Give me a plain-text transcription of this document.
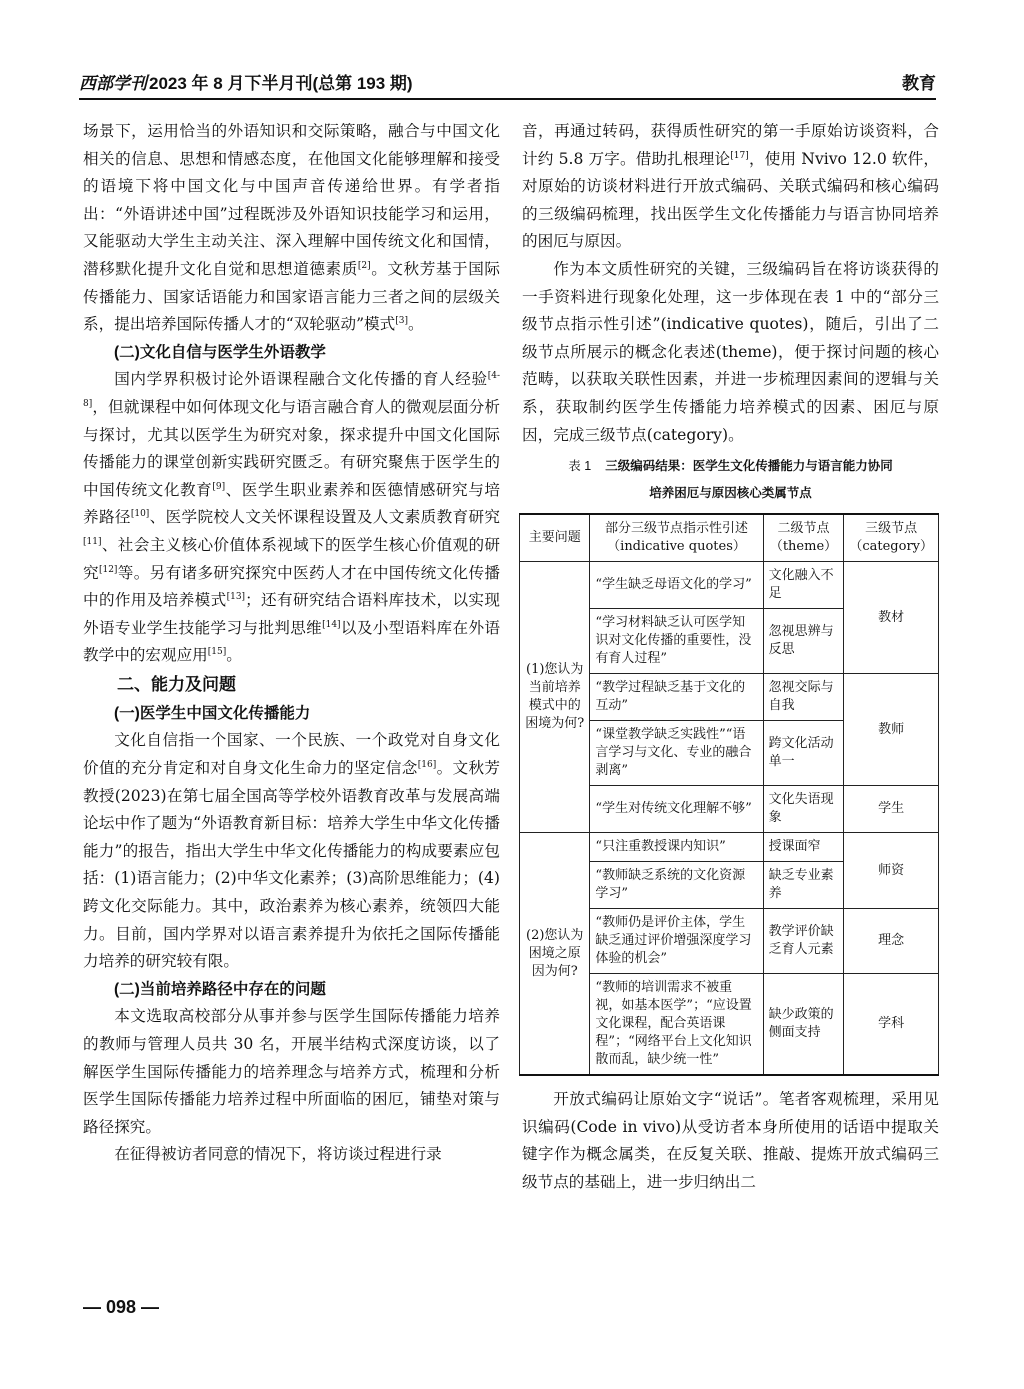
西部学刊 2023 年 8 月下半月刊(总第 193 期)	教育

场景下，运用恰当的外语知识和交际策略，融合与中国文化相关的信息、思想和情感态度，在他国文化能够理解和接受的语境下将中国文化与中国声音传递给世界。有学者指出：“外语讲述中国”过程既涉及外语知识技能学习和运用，又能驱动大学生主动关注、深入理解中国传统文化和国情，潜移默化提升文化自觉和思想道德素质[2]。文秋芳基于国际传播能力、国家话语能力和国家语言能力三者之间的层级关系，提出培养国际传播人才的“双轮驱动”模式[3]。

(二)文化自信与医学生外语教学

国内学界积极讨论外语课程融合文化传播的育人经验[4-8]，但就课程中如何体现文化与语言融合育人的微观层面分析与探讨，尤其以医学生为研究对象，探求提升中国文化国际传播能力的课堂创新实践研究匮乏。有研究聚焦于医学生的中国传统文化教育[9]、医学生职业素养和医德情感研究与培养路径[10]、医学院校人文关怀课程设置及人文素质教育研究[11]、社会主义核心价值体系视域下的医学生核心价值观的研究[12]等。另有诸多研究探究中医药人才在中国传统文化传播中的作用及培养模式[13]；还有研究结合语料库技术，以实现外语专业学生技能学习与批判思维[14]以及小型语料库在外语教学中的宏观应用[15]。

二、能力及问题

(一)医学生中国文化传播能力

文化自信指一个国家、一个民族、一个政党对自身文化价值的充分肯定和对自身文化生命力的坚定信念[16]。文秋芳教授(2023)在第七届全国高等学校外语教育改革与发展高端论坛中作了题为“外语教育新目标：培养大学生中华文化传播能力”的报告，指出大学生中华文化传播能力的构成要素应包括：(1)语言能力；(2)中华文化素养；(3)高阶思维能力；(4)跨文化交际能力。其中，政治素养为核心素养，统领四大能力。目前，国内学界对以语言素养提升为依托之国际传播能力培养的研究较有限。

(二)当前培养路径中存在的问题

本文选取高校部分从事并参与医学生国际传播能力培养的教师与管理人员共 30 名，开展半结构式深度访谈，以了解医学生国际传播能力的培养理念与培养方式，梳理和分析医学生国际传播能力培养过程中所面临的困厄，铺垫对策与路径探究。

在征得被访者同意的情况下，将访谈过程进行录

音，再通过转码，获得质性研究的第一手原始访谈资料，合计约 5.8 万字。借助扎根理论[17]，使用 Nvivo 12.0 软件，对原始的访谈材料进行开放式编码、关联式编码和核心编码的三级编码梳理，找出医学生文化传播能力与语言协同培养的困厄与原因。

作为本文质性研究的关键，三级编码旨在将访谈获得的一手资料进行现象化处理，这一步体现在表 1 中的“部分三级节点指示性引述”(indicative quotes)，随后，引出了二级节点所展示的概念化表述(theme)，便于探讨问题的核心范畴，以获取关联性因素，并进一步梳理因素间的逻辑与关系，获取制约医学生传播能力培养模式的因素、困厄与原因，完成三级节点(category)。

表 1 三级编码结果：医学生文化传播能力与语言能力协同
培养困厄与原因核心类属节点
主要问题	部分三级节点指示性引述（indicative quotes）	二级节点（theme）	三级节点（category）
(1)您认为当前培养模式中的困境为何?	“学生缺乏母语文化的学习”	文化融入不足	教材
	“学习材料缺乏认可医学知识对文化传播的重要性，没有育人过程”	忽视思辨与反思	
	“教学过程缺乏基于文化的互动”	忽视交际与自我	教师
	“课堂教学缺乏实践性”“语言学习与文化、专业的融合剥离”	跨文化活动单一	
	“学生对传统文化理解不够”	文化失语现象	学生
(2)您认为困境之原因为何?	“只注重教授课内知识”	授课面窄	师资
	“教师缺乏系统的文化资源学习”	缺乏专业素养	
	“教师仍是评价主体，学生缺乏通过评价增强深度学习体验的机会”	教学评价缺乏育人元素	理念
	“教师的培训需求不被重视，如基本医学”；“应设置文化课程，配合英语课程”；“网络平台上文化知识散而乱，缺少统一性”	缺少政策的侧面支持	学科

开放式编码让原始文字“说话”。笔者客观梳理，采用见识编码(Code in vivo)从受访者本身所使用的话语中提取关键字作为概念属类，在反复关联、推敲、提炼开放式编码三级节点的基础上，进一步归纳出二

— 098 —
